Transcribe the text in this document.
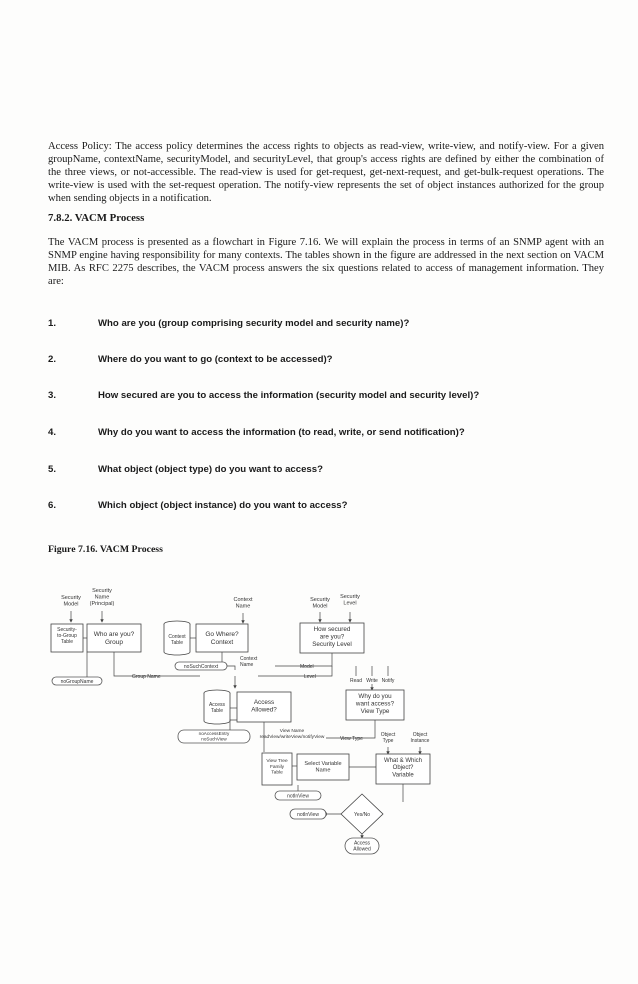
Access Policy: The access policy determines the access rights to objects as read-view, write-view, and notify-view. For a given groupName, contextName, securityModel, and securityLevel, that group's access rights are defined by either the combination of the three views, or not-accessible. The read-view is used for get-request, get-next-request, and get-bulk-request operations. The write-view is used with the set-request operation. The notify-view represents the set of object instances authorized for the group when sending objects in a notification.
7.8.2. VACM Process
The VACM process is presented as a flowchart in Figure 7.16. We will explain the process in terms of an SNMP agent with an SNMP engine having responsibility for many contexts. The tables shown in the figure are addressed in the next section on VACM MIB. As RFC 2275 describes, the VACM process answers the six questions related to access of management information. They are:
1.	Who are you (group comprising security model and security name)?
2.	Where do you want to go (context to be accessed)?
3.	How secured are you to access the information (security model and security level)?
4.	Why do you want to access the information (to read, write, or send notification)?
5.	What object (object type) do you want to access?
6.	Which object (object instance) do you want to access?
Figure 7.16. VACM Process
Security Model
Security Name (Principal)
Context Name
Security Model
Security Level
Security-to-Group Table
Who are you? Group
Context Table
Go Where? Context
How secured are you? Security Level
Group Name
noSuchContext
Context Name	Model
Level
noGroupName	Read Write Notify
Access Table
Access Allowed?
Why do you want access? View Type
noAccessEntry noSuchView
View Name readView/writeView/notifyView	View Type
Object Type
Object Instance
View Tree Family Table
Select Variable Name
What & Which Object? Variable
notInView
notInView	Yes/No
Access Allowed
